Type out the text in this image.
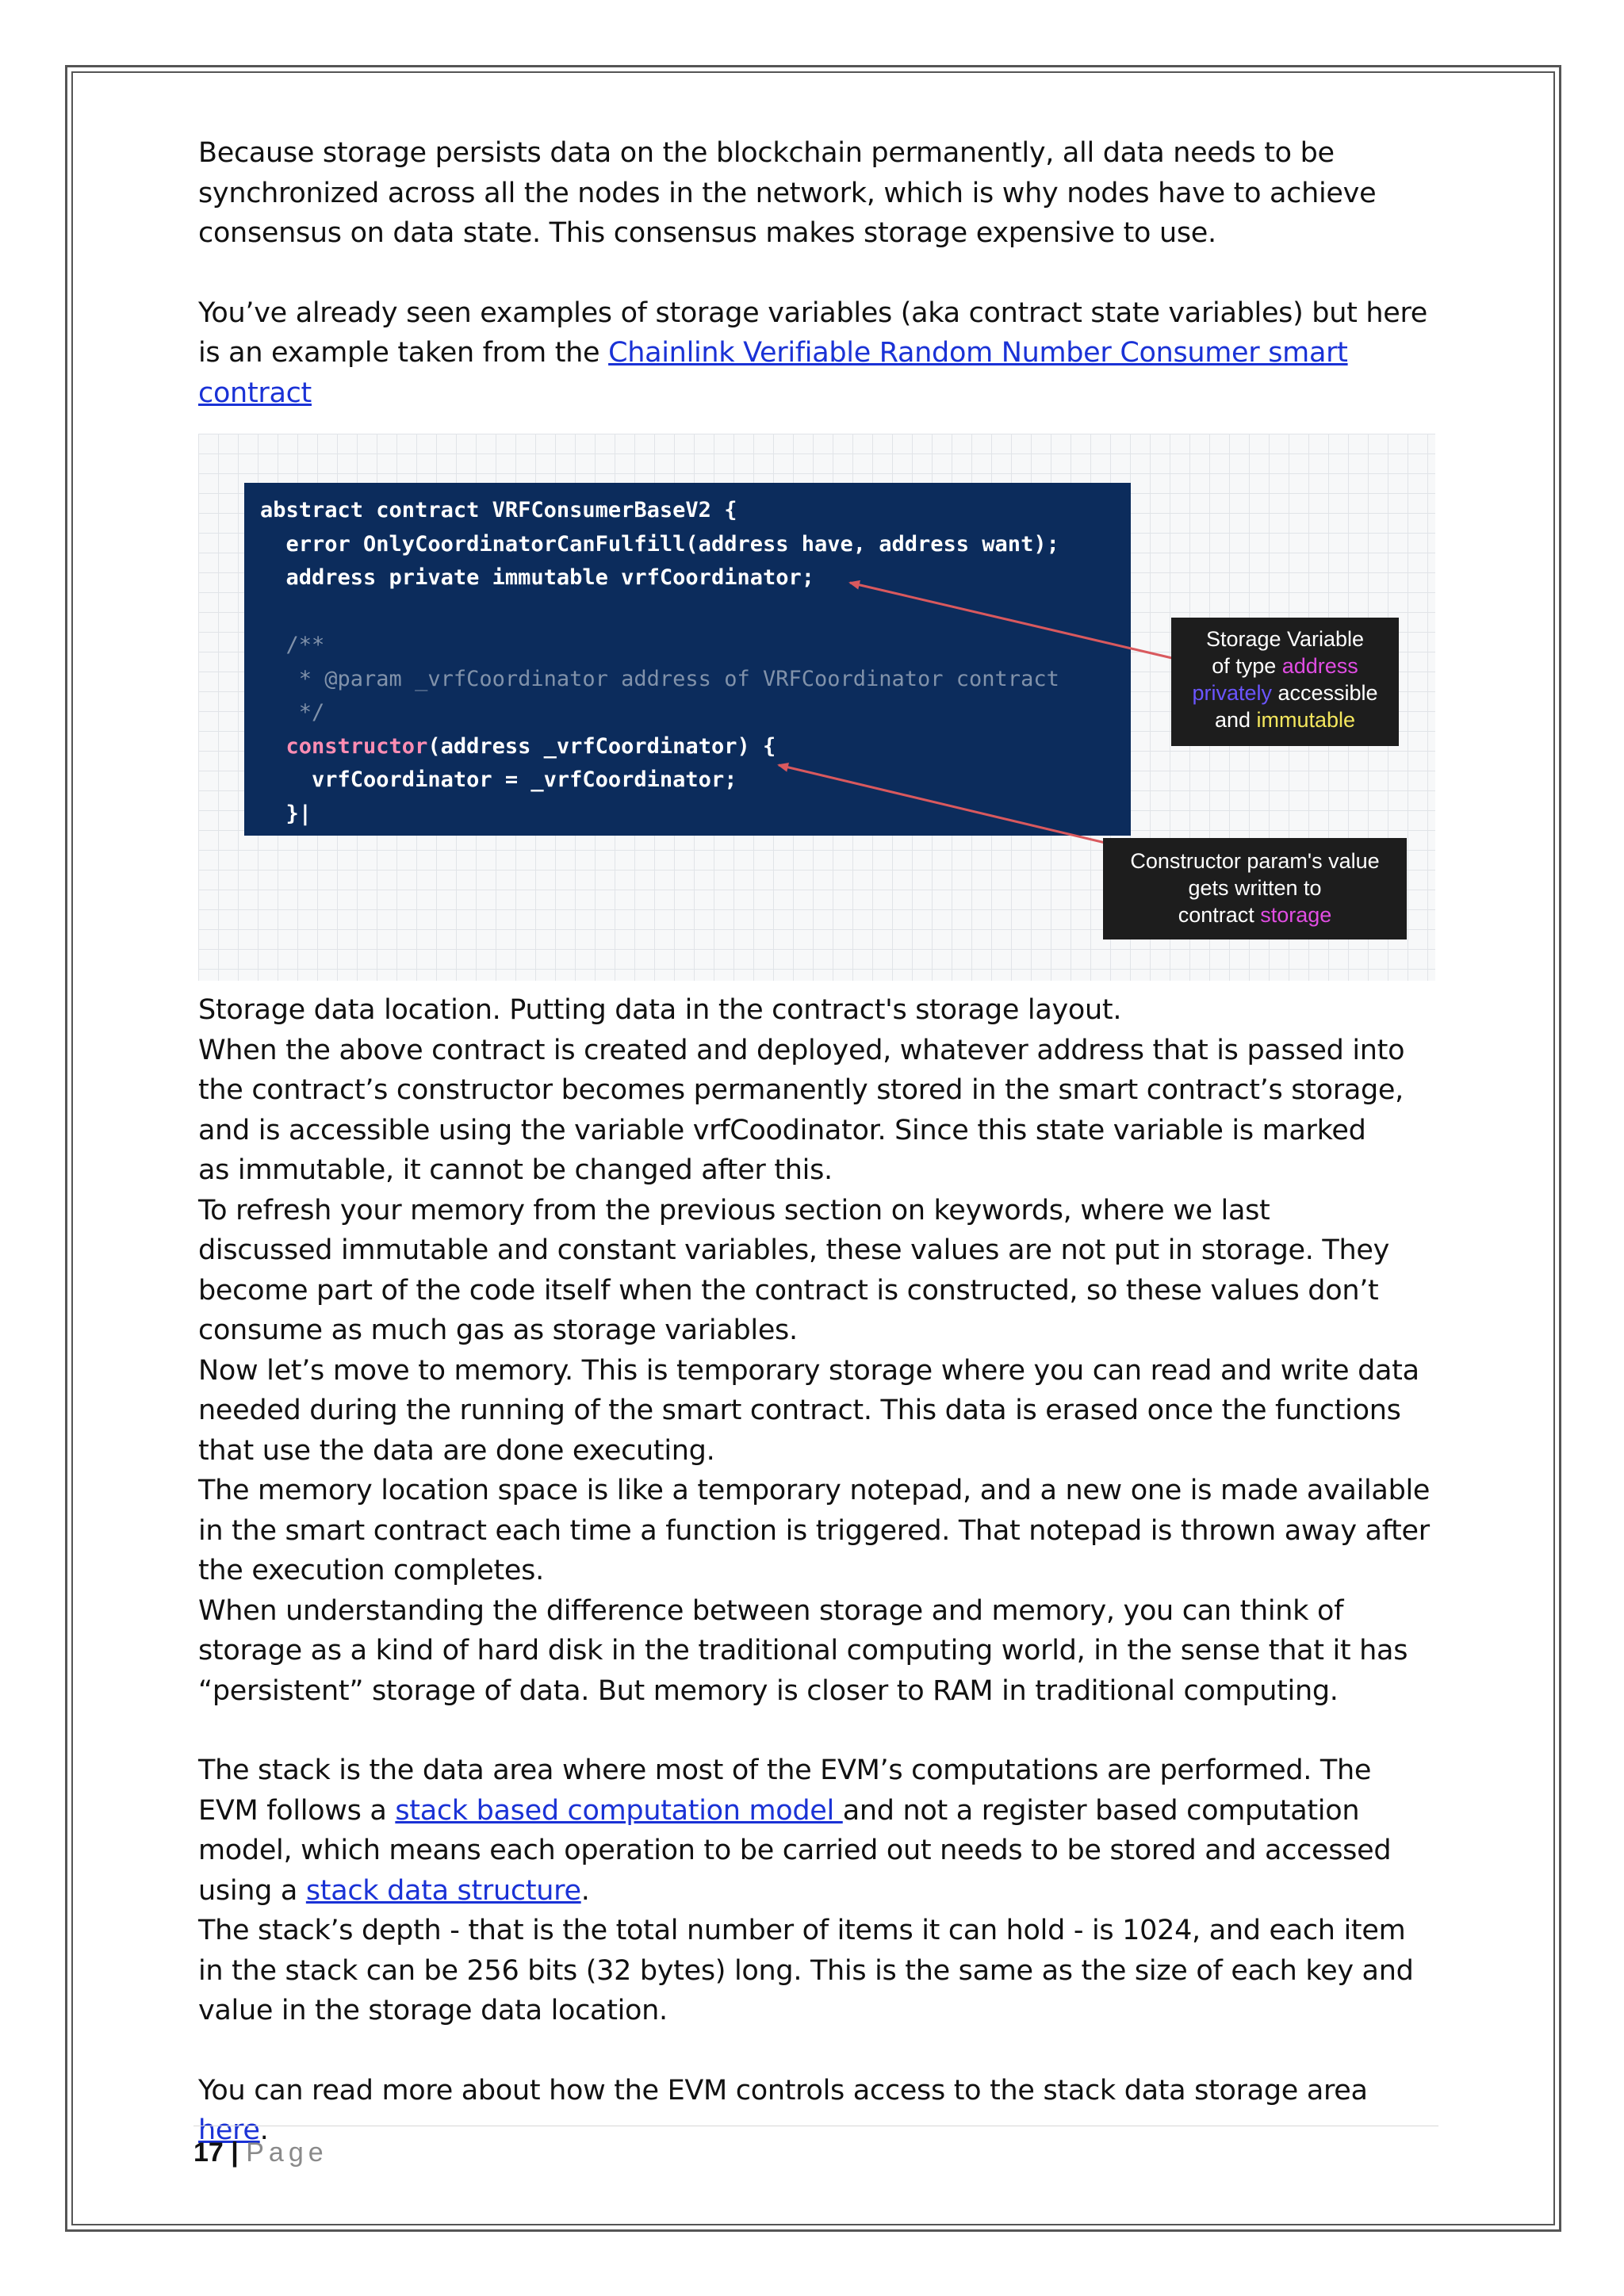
Because storage persists data on the blockchain permanently, all data needs to be synchronized across all the nodes in the network, which is why nodes have to achieve consensus on data state. This consensus makes storage expensive to use.

You’ve already seen examples of storage variables (aka contract state variables) but here is an example taken from the Chainlink Verifiable Random Number Consumer smart contract

abstract contract VRFConsumerBaseV2 {
error OnlyCoordinatorCanFulfill(address have, address want);
address private immutable vrfCoordinator;
/**
* @param _vrfCoordinator address of VRFCoordinator contract
*/
constructor(address _vrfCoordinator) {
vrfCoordinator = _vrfCoordinator;
}|
Storage Variable
of type address
privately accessible
and immutable
Constructor param's value
gets written to
contract storage

Storage data location. Putting data in the contract's storage layout.

When the above contract is created and deployed, whatever address that is passed into the contract’s constructor becomes permanently stored in the smart contract’s storage, and is accessible using the variable vrfCoodinator. Since this state variable is marked

as immutable, it cannot be changed after this.

To refresh your memory from the previous section on keywords, where we last

discussed immutable and constant variables, these values are not put in storage. They become part of the code itself when the contract is constructed, so these values don’t consume as much gas as storage variables.

Now let’s move to memory. This is temporary storage where you can read and write data needed during the running of the smart contract. This data is erased once the functions that use the data are done executing.

The memory location space is like a temporary notepad, and a new one is made available in the smart contract each time a function is triggered. That notepad is thrown away after the execution completes.

When understanding the difference between storage and memory, you can think of storage as a kind of hard disk in the traditional computing world, in the sense that it has “persistent” storage of data. But memory is closer to RAM in traditional computing.

The stack is the data area where most of the EVM’s computations are performed. The EVM follows a stack based computation model and not a register based computation model, which means each operation to be carried out needs to be stored and accessed using a stack data structure.

The stack’s depth - that is the total number of items it can hold - is 1024, and each item in the stack can be 256 bits (32 bytes) long. This is the same as the size of each key and value in the storage data location.

You can read more about how the EVM controls access to the stack data storage area here.

17 | Page
